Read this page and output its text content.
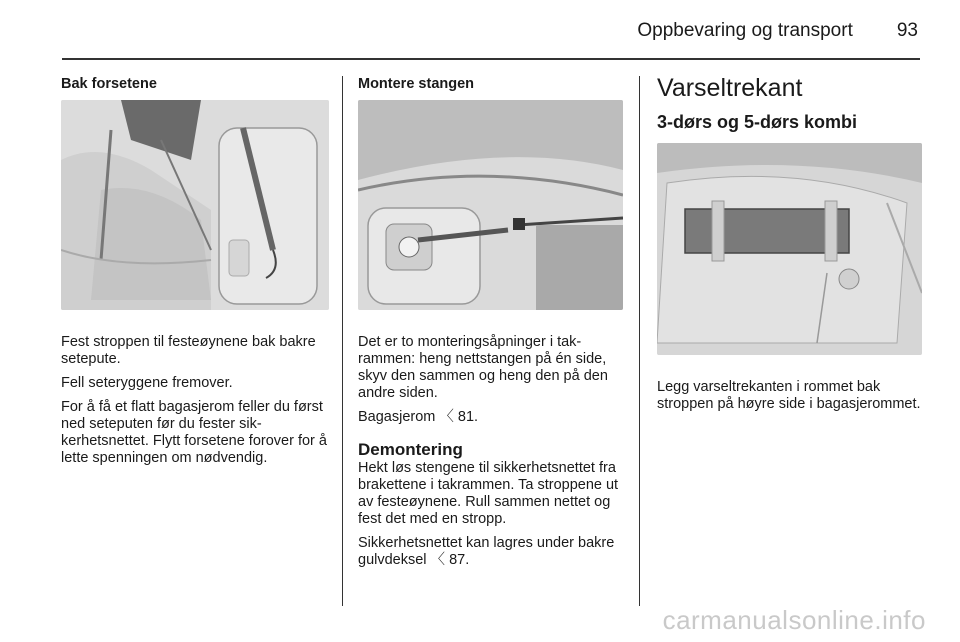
Oppbevaring og transport 93
Bak forsetene

Fest stroppen til festeøynene bak bakre setepute.

Fell seteryggene fremover.

For å få et flatt bagasjerom feller du først ned seteputen før du fester sikkerhetsnettet. Flytt forsetene forover for å lette spenningen om nødvendig.

Montere stangen

Det er to monteringsåpninger i takrammen: heng nettstangen på én side, skyv den sammen og heng den på den andre siden.

Bagasjerom 〈 81.

Demontering

Hekt løs stengene til sikkerhetsnettet fra brakettene i takrammen. Ta stroppene ut av festeøynene. Rull sammen nettet og fest det med en stropp.

Sikkerhetsnettet kan lagres under bakre gulvdeksel 〈 87.

Varseltrekant
3-dørs og 5-dørs kombi

Legg varseltrekanten i rommet bak stroppen på høyre side i bagasjerommet.

carmanualsonline.info
